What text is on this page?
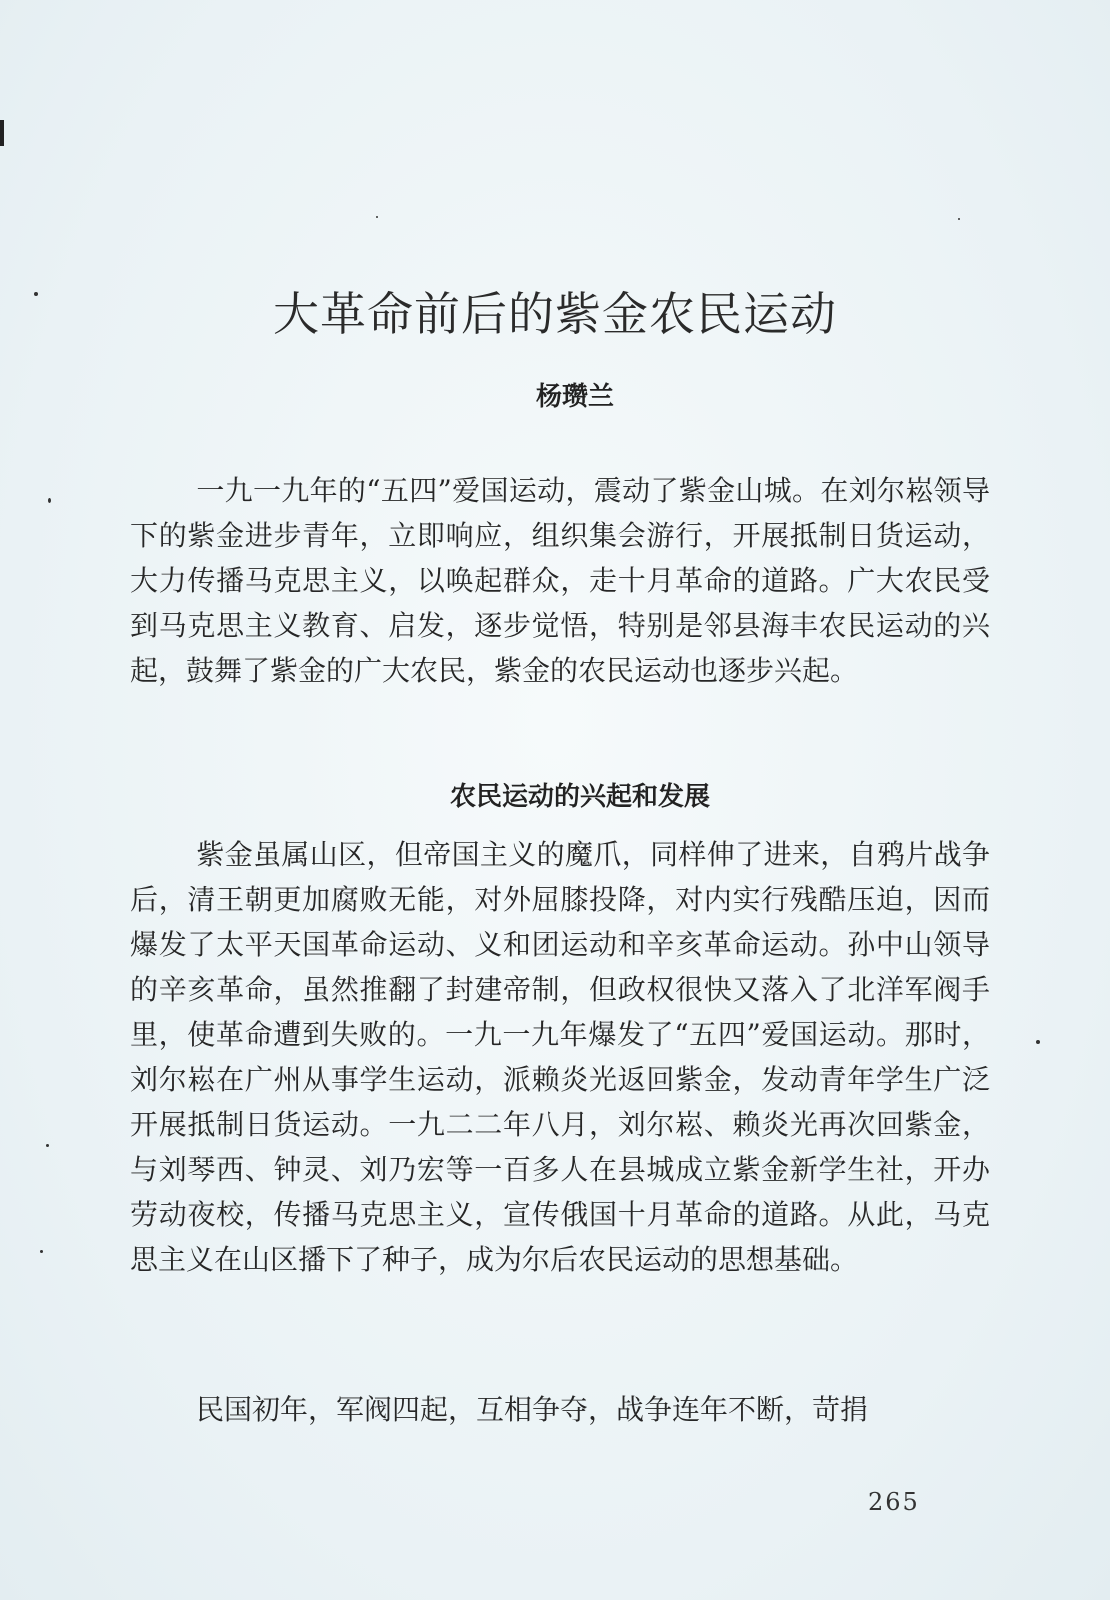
大革命前后的紫金农民运动
杨瓒兰
一九一九年的“五四”爱国运动，震动了紫金山城。在刘尔崧领导下的紫金进步青年，立即响应，组织集会游行，开展抵制日货运动，大力传播马克思主义，以唤起群众，走十月革命的道路。广大农民受到马克思主义教育、启发，逐步觉悟，特别是邻县海丰农民运动的兴起，鼓舞了紫金的广大农民，紫金的农民运动也逐步兴起。
农民运动的兴起和发展
紫金虽属山区，但帝国主义的魔爪，同样伸了进来，自鸦片战争后，清王朝更加腐败无能，对外屈膝投降，对内实行残酷压迫，因而爆发了太平天国革命运动、义和团运动和辛亥革命运动。孙中山领导的辛亥革命，虽然推翻了封建帝制，但政权很快又落入了北洋军阀手里，使革命遭到失败的。一九一九年爆发了“五四”爱国运动。那时，刘尔崧在广州从事学生运动，派赖炎光返回紫金，发动青年学生广泛开展抵制日货运动。一九二二年八月，刘尔崧、赖炎光再次回紫金，与刘琴西、钟灵、刘乃宏等一百多人在县城成立紫金新学生社，开办劳动夜校，传播马克思主义，宣传俄国十月革命的道路。从此，马克思主义在山区播下了种子，成为尔后农民运动的思想基础。
民国初年，军阀四起，互相争夺，战争连年不断，苛捐
265
